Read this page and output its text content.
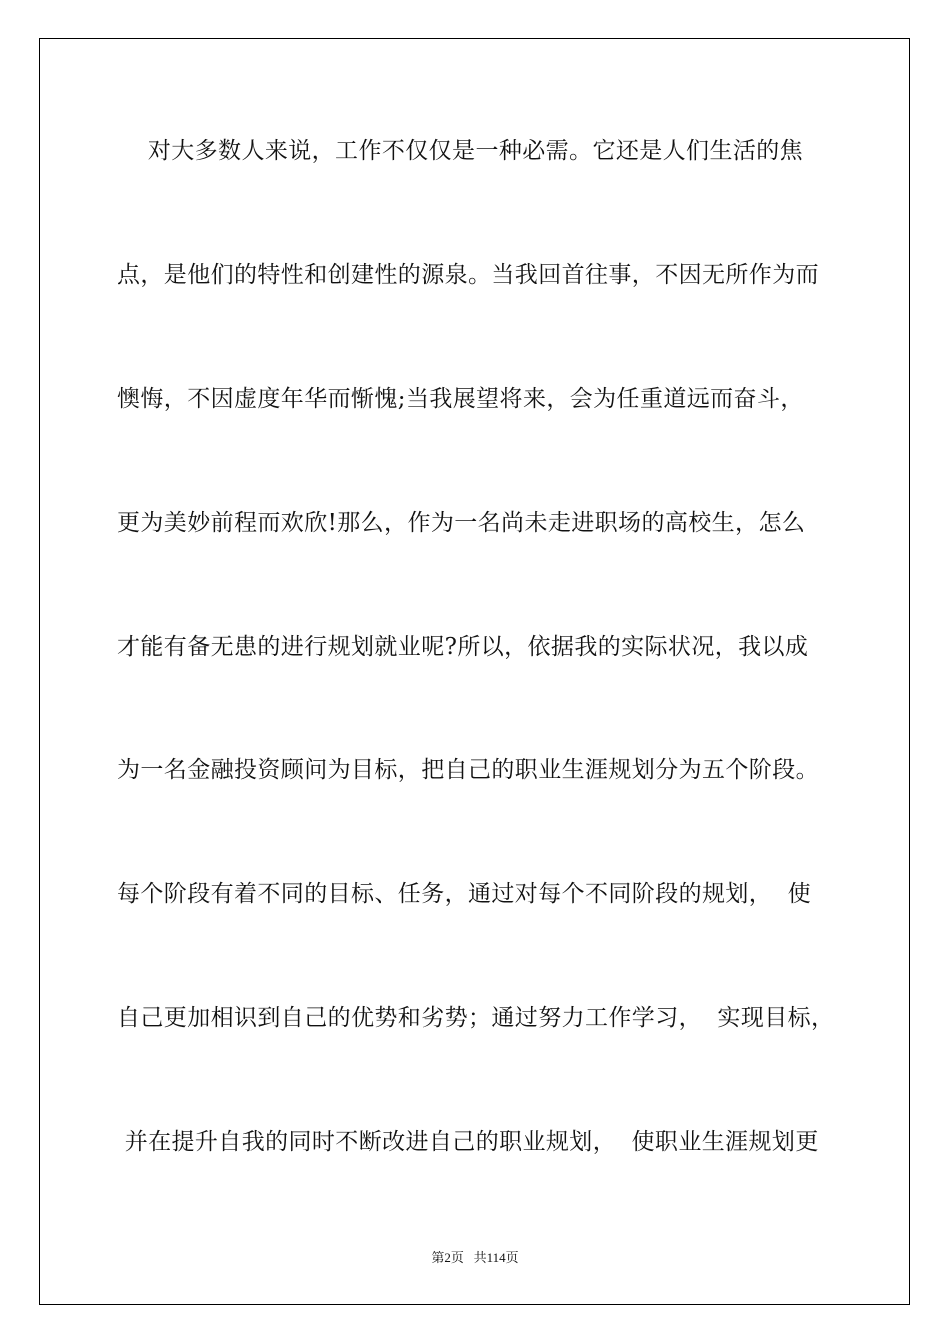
对大多数人来说，工作不仅仅是一种必需。它还是人们生活的焦
点，是他们的特性和创建性的源泉。当我回首往事，不因无所作为而
懊悔，不因虚度年华而惭愧;当我展望将来，会为任重道远而奋斗，
更为美妙前程而欢欣!那么，作为一名尚未走进职场的高校生，怎么
才能有备无患的进行规划就业呢?所以，依据我的实际状况，我以成
为一名金融投资顾问为目标，把自己的职业生涯规划分为五个阶段。
每个阶段有着不同的目标、任务，通过对每个不同阶段的规划，  使
自己更加相识到自己的优势和劣势；通过努力工作学习，  实现目标，
并在提升自我的同时不断改进自己的职业规划，  使职业生涯规划更
第2页   共114页
